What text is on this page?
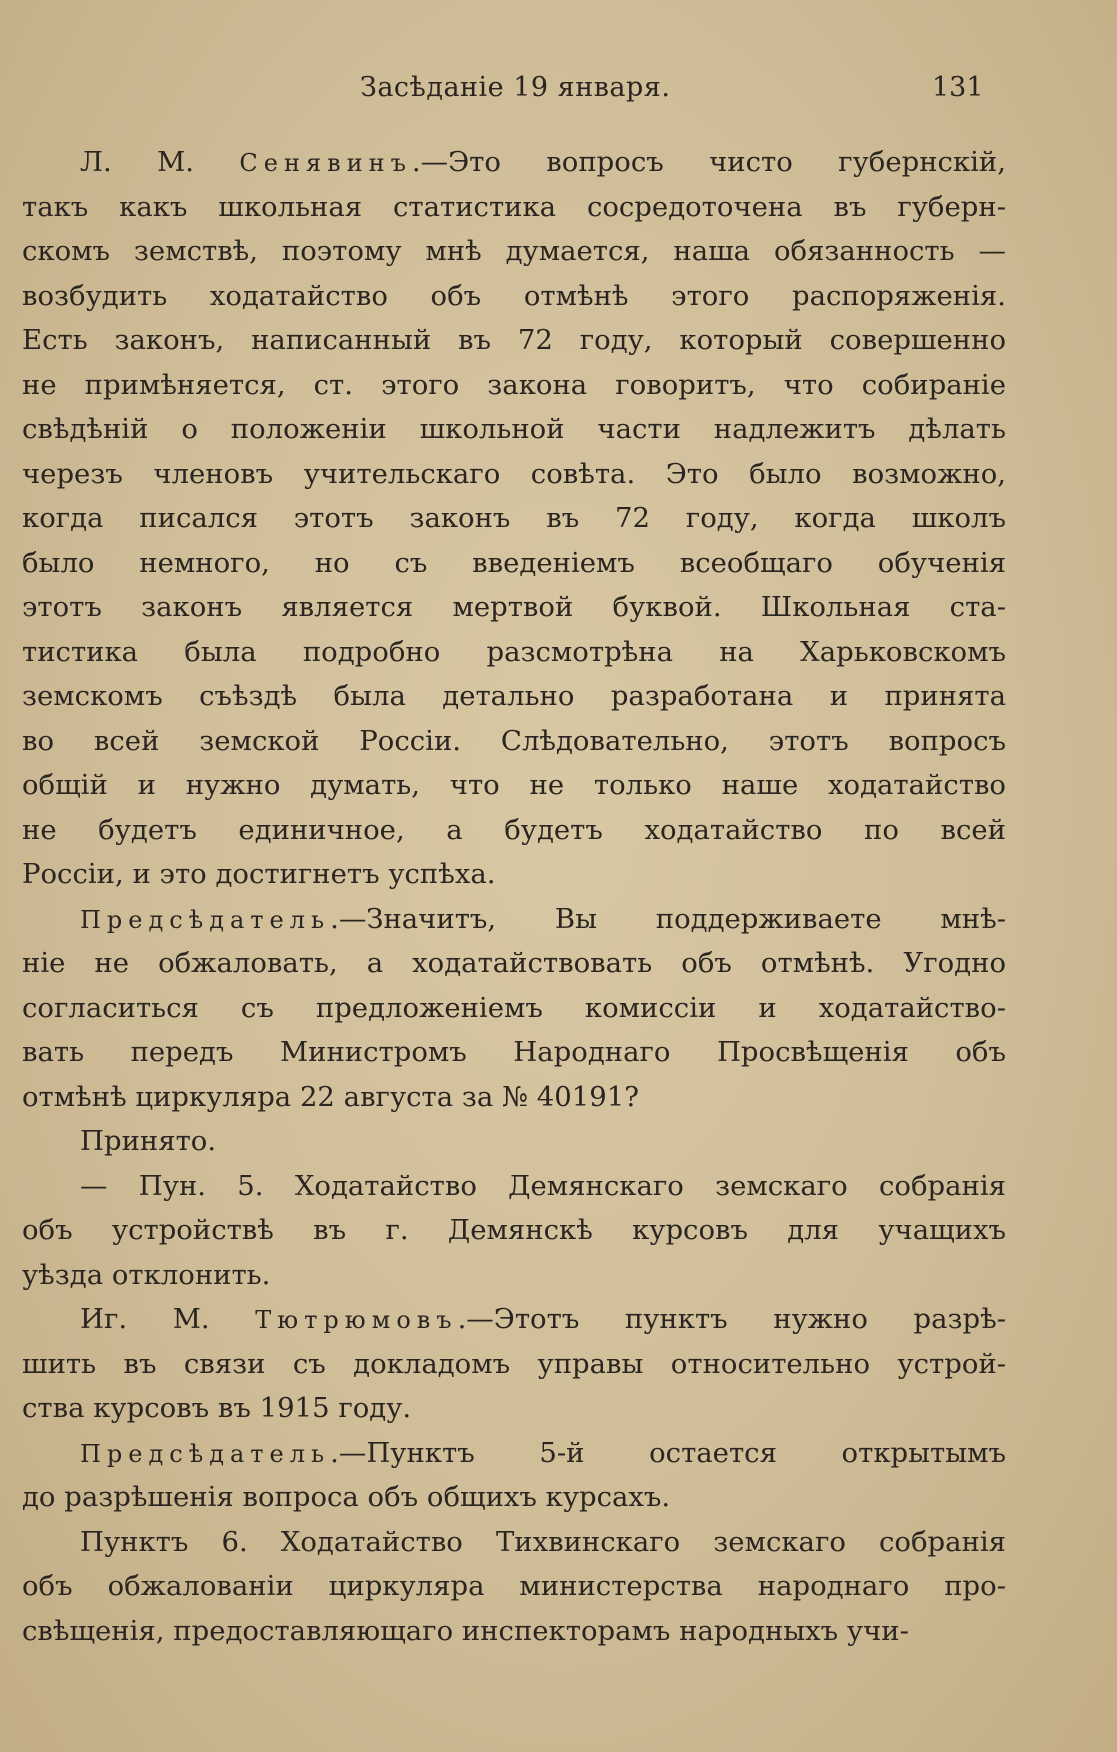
Засѣданіе 19 января.	131
Л. М. Сенявинъ.—Это вопросъ чисто губернскій,
такъ какъ школьная статистика сосредоточена въ губерн-
скомъ земствѣ, поэтому мнѣ думается, наша обязанность —
возбудить ходатайство объ отмѣнѣ этого распоряженія.
Есть законъ, написанный въ 72 году, который совершенно
не примѣняется, ст. этого закона говоритъ, что собираніе
свѣдѣній о положеніи школьной части надлежитъ дѣлать
черезъ членовъ учительскаго совѣта. Это было возможно,
когда писался этотъ законъ въ 72 году, когда школъ
было немного, но съ введеніемъ всеобщаго обученія
этотъ законъ является мертвой буквой. Школьная ста-
тистика была подробно разсмотрѣна на Харьковскомъ
земскомъ съѣздѣ была детально разработана и принята
во всей земской Россіи. Слѣдовательно, этотъ вопросъ
общій и нужно думать, что не только наше ходатайство
не будетъ единичное, а будетъ ходатайство по всей
Россіи, и это достигнетъ успѣха.
Предсѣдатель.—Значитъ, Вы поддерживаете мнѣ-
ніе не обжаловать, а ходатайствовать объ отмѣнѣ. Угодно
согласиться съ предложеніемъ комиссіи и ходатайство-
вать передъ Министромъ Народнаго Просвѣщенія объ
отмѣнѣ циркуляра 22 августа за № 40191?
Принято.
— Пун. 5. Ходатайство Демянскаго земскаго собранія
объ устройствѣ въ г. Демянскѣ курсовъ для учащихъ
уѣзда отклонить.
Иг. М. Тютрюмовъ.—Этотъ пунктъ нужно разрѣ-
шить въ связи съ докладомъ управы относительно устрой-
ства курсовъ въ 1915 году.
Предсѣдатель.—Пунктъ 5-й остается открытымъ
до разрѣшенія вопроса объ общихъ курсахъ.
Пунктъ 6. Ходатайство Тихвинскаго земскаго собранія
объ обжалованіи циркуляра министерства народнаго про-
свѣщенія, предоставляющаго инспекторамъ народныхъ учи-
